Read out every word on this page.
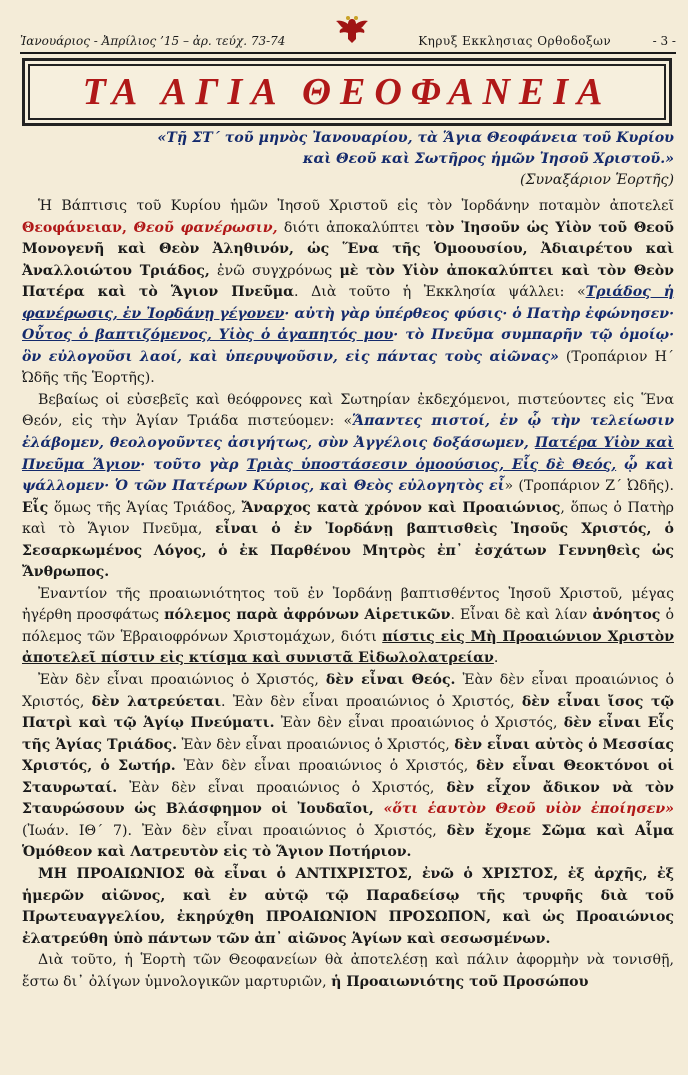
Ἰανουάριος - Ἀπρίλιος ’15 – ἀρ. τεύχ. 73-74	Κηρυξ Εκκλησιας Ορθοδοξων	- 3 -
ΤΑ ΑΓΙΑ ΘΕΟΦΑΝΕΙΑ
«Τῇ ΣΤ΄ τοῦ μηνὸς Ἰανουαρίου, τὰ Ἅγια Θεοφάνεια τοῦ Κυρίου καὶ Θεοῦ καὶ Σωτῆρος ἡμῶν Ἰησοῦ Χριστοῦ.»
(Συναξάριον Ἑορτῆς)

Ἡ Βάπτισις τοῦ Κυρίου ἡμῶν Ἰησοῦ Χριστοῦ εἰς τὸν Ἰορδάνην ποταμὸν ἀποτελεῖ Θεοφάνειαν, Θεοῦ φανέρωσιν, διότι ἀποκαλύπτει τὸν Ἰησοῦν ὡς Υἱὸν τοῦ Θεοῦ Μονογενῆ καὶ Θεὸν Ἀληθινόν, ὡς Ἕνα τῆς Ὁμοουσίου, Ἀδιαιρέτου καὶ Ἀναλλοιώτου Τριάδος, ἐνῶ συγχρόνως μὲ τὸν Υἱὸν ἀποκαλύπτει καὶ τὸν Θεὸν Πατέρα καὶ τὸ Ἅγιον Πνεῦμα. Διὰ τοῦτο ἡ Ἐκκλησία ψάλλει: «Τριάδος ἡ φανέρωσις, ἐν Ἰορδάνῃ γέγονεν· αὐτὴ γὰρ ὑπέρθεος φύσις· ὁ Πατὴρ ἐφώνησεν· Οὗτος ὁ βαπτιζόμενος, Υἱὸς ὁ ἀγαπητός μου· τὸ Πνεῦμα συμπαρῆν τῷ ὁμοίῳ· ὃν εὐλογοῦσι λαοί, καὶ ὑπερυψοῦσιν, εἰς πάντας τοὺς αἰῶνας» (Τροπάριον Η΄ Ὠδῆς τῆς Ἑορτῆς).

Βεβαίως οἱ εὐσεβεῖς καὶ θεόφρονες καὶ Σωτηρίαν ἐκδεχόμενοι, πιστεύοντες εἰς Ἕνα Θεόν, εἰς τὴν Ἁγίαν Τριάδα πιστεύομεν: «Ἅπαντες πιστοί, ἐν ᾧ τὴν τελείωσιν ἐλάβομεν, θεολογοῦντες ἀσιγήτως, σὺν Ἀγγέλοις δοξάσωμεν, Πατέρα Υἱὸν καὶ Πνεῦμα Ἅγιον· τοῦτο γὰρ Τριὰς ὑποστάσεσιν ὁμοούσιος, Εἷς δὲ Θεός, ᾧ καὶ ψάλλομεν· Ὁ τῶν Πατέρων Κύριος, καὶ Θεὸς εὐλογητὸς εἶ» (Τροπάριον Ζ΄ Ὠδῆς). Εἷς ὅμως τῆς Ἁγίας Τριάδος, Ἄναρχος κατὰ χρόνον καὶ Προαιώνιος, ὅπως ὁ Πατὴρ καὶ τὸ Ἅγιον Πνεῦμα, εἶναι ὁ ἐν Ἰορδάνῃ βαπτισθεὶς Ἰησοῦς Χριστός, ὁ Σεσαρκωμένος Λόγος, ὁ ἐκ Παρθένου Μητρὸς ἐπ᾽ ἐσχάτων Γεννηθεὶς ὡς Ἄνθρωπος.

Ἐναντίον τῆς προαιωνιότητος τοῦ ἐν Ἰορδάνῃ βαπτισθέντος Ἰησοῦ Χριστοῦ, μέγας ἠγέρθη προσφάτως πόλεμος παρὰ ἀφρόνων Αἱρετικῶν. Εἶναι δὲ καὶ λίαν ἀνόητος ὁ πόλεμος τῶν Ἑβραιοφρόνων Χριστομάχων, διότι πίστις εἰς Μὴ Προαιώνιον Χριστὸν ἀποτελεῖ πίστιν εἰς κτίσμα καὶ συνιστᾶ Εἰδωλολατρείαν.

Ἐὰν δὲν εἶναι προαιώνιος ὁ Χριστός, δὲν εἶναι Θεός. Ἐὰν δὲν εἶναι προαιώνιος ὁ Χριστός, δὲν λατρεύεται. Ἐὰν δὲν εἶναι προαιώνιος ὁ Χριστός, δὲν εἶναι ἴσος τῷ Πατρὶ καὶ τῷ Ἁγίῳ Πνεύματι. Ἐὰν δὲν εἶναι προαιώνιος ὁ Χριστός, δὲν εἶναι Εἷς τῆς Ἁγίας Τριάδος. Ἐὰν δὲν εἶναι προαιώνιος ὁ Χριστός, δὲν εἶναι αὐτὸς ὁ Μεσσίας Χριστός, ὁ Σωτήρ. Ἐὰν δὲν εἶναι προαιώνιος ὁ Χριστός, δὲν εἶναι Θεοκτόνοι οἱ Σταυρωταί. Ἐὰν δὲν εἶναι προαιώνιος ὁ Χριστός, δὲν εἶχον ἄδικον νὰ τὸν Σταυρώσουν ὡς Βλάσφημον οἱ Ἰουδαῖοι, «ὅτι ἑαυτὸν Θεοῦ υἱὸν ἐποίησεν» (Ἰωάν. ΙΘ΄ 7). Ἐὰν δὲν εἶναι προαιώνιος ὁ Χριστός, δὲν ἔχομε Σῶμα καὶ Αἷμα Ὁμόθεον καὶ Λατρευτὸν εἰς τὸ Ἅγιον Ποτήριον.

ΜΗ ΠΡΟΑΙΩΝΙΟΣ θὰ εἶναι ὁ ΑΝΤΙΧΡΙΣΤΟΣ, ἐνῶ ὁ ΧΡΙΣΤΟΣ, ἐξ ἀρχῆς, ἐξ ἡμερῶν αἰῶνος, καὶ ἐν αὐτῷ τῷ Παραδείσῳ τῆς τρυφῆς διὰ τοῦ Πρωτευαγγελίου, ἐκηρύχθη ΠΡΟΑΙΩΝΙΟΝ ΠΡΟΣΩΠΟΝ, καὶ ὡς Προαιώνιος ἐλατρεύθη ὑπὸ πάντων τῶν ἀπ᾽ αἰῶνος Ἁγίων καὶ σεσωσμένων.

Διὰ τοῦτο, ἡ Ἑορτὴ τῶν Θεοφανείων θὰ ἀποτελέσῃ καὶ πάλιν ἀφορμὴν νὰ τονισθῇ, ἔστω δι᾽ ὀλίγων ὑμνολογικῶν μαρτυριῶν, ἡ Προαιωνιότης τοῦ Προσώπου
